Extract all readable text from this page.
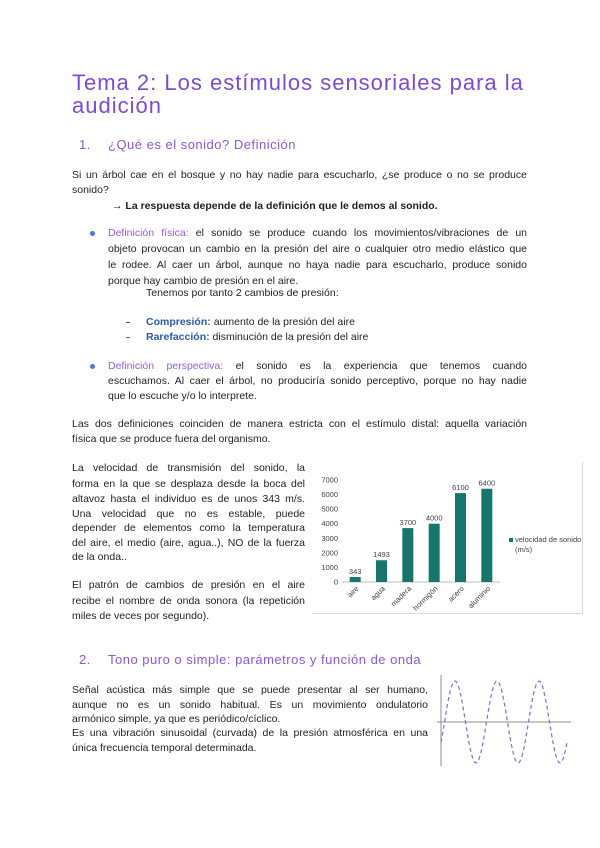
Tema 2: Los estímulos sensoriales para la audición
1. ¿Qué es el sonido? Definición
Si un árbol cae en el bosque y no hay nadie para escucharlo, ¿se produce o no se produce
sonido?
→ La respuesta depende de la definición que le demos al sonido.
Definición física: el sonido se produce cuando los movimientos/vibraciones de un
objeto provocan un cambio en la presión del aire o cualquier otro medio elástico que
le rodee. Al caer un árbol, aunque no haya nadie para escucharlo, produce sonido
porque hay cambio de presión en el aire.
Tenemos por tanto 2 cambios de presión:
Compresión: aumento de la presión del aire
Rarefacción: disminución de la presión del aire
Definición perspectiva: el sonido es la experiencia que tenemos cuando
escuchamos. Al caer el árbol, no produciría sonido perceptivo, porque no hay nadie
que lo escuche y/o lo interprete.
Las dos definiciones coinciden de manera estricta con el estímulo distal: aquella variación
física que se produce fuera del organismo.
La velocidad de transmisión del sonido, la
forma en la que se desplaza desde la boca del
altavoz hasta el individuo es de unos 343 m/s.
Una velocidad que no es estable, puede
depender de elementos como la temperatura
del aire, el medio (aire, agua..), NO de la fuerza
de la onda..
El patrón de cambios de presión en el aire
recibe el nombre de onda sonora (la repetición
miles de veces por segundo).
0
1000
2000
3000
4000
5000
6000
7000
343
aire
1493
agua
3700
madera
4000
hormigón
6100
acero
6400
aluminio
velocidad de sonido (m/s)
2. Tono puro o simple: parámetros y función de onda
Señal acústica más simple que se puede presentar al ser humano,
aunque no es un sonido habitual. Es un movimiento ondulatorio
armónico simple, ya que es periódico/cíclico.
Es una vibración sinusoidal (curvada) de la presión atmosférica en una
única frecuencia temporal determinada.
